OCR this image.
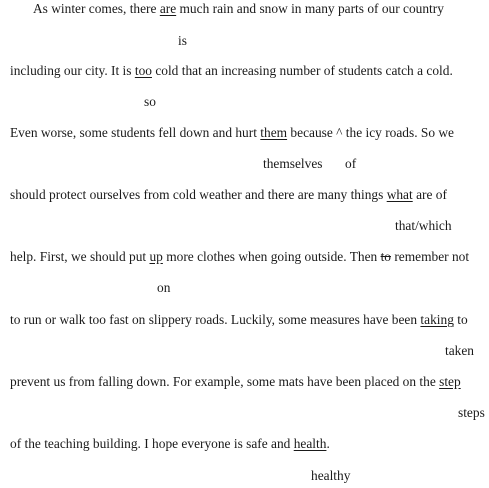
As winter comes, there are much rain and snow in many parts of our country
is
including our city. It is too cold that an increasing number of students catch a cold.
so
Even worse, some students fell down and hurt them because ^ the icy roads. So we
themselves of
should protect ourselves from cold weather and there are many things what are of
that/which
help. First, we should put up more clothes when going outside. Then to remember not
on
to run or walk too fast on slippery roads. Luckily, some measures have been taking to
taken
prevent us from falling down. For example, some mats have been placed on the step
steps
of the teaching building. I hope everyone is safe and health.
healthy
